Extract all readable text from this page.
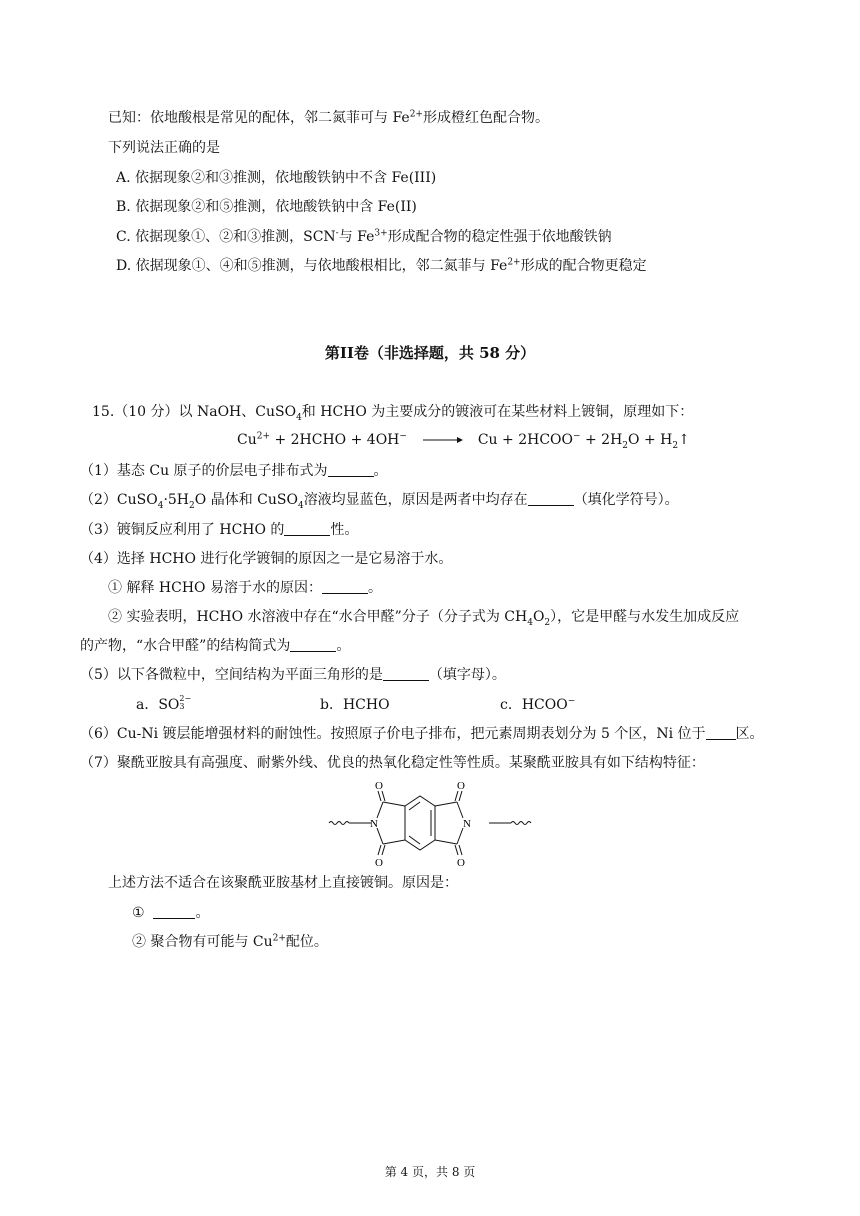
已知：依地酸根是常见的配体，邻二氮菲可与 $Fe^{2+}$形成橙红色配合物。
下列说法正确的是
A. 依据现象②和③推测，依地酸铁钠中不含 Fe(III)
B. 依据现象②和⑤推测，依地酸铁钠中含 Fe(II)
C. 依据现象①、②和③推测，SCN-与 $Fe^{3+}$形成配合物的稳定性强于依地酸铁钠
D. 依据现象①、④和⑤推测，与依地酸根相比，邻二氮菲与 $Fe^{2+}$形成的配合物更稳定
第II卷（非选择题，共 58 分）
15.（10 分）以 NaOH、CuSO$_4$和 HCHO 为主要成分的镀液可在某些材料上镀铜，原理如下：
$Cu^{2+}$ + 2HCHO + 4OH− → Cu + 2HCOO− + $2H_2O$ + $H_2↑$
（1）基态 Cu 原子的价层电子排布式为	。
$(2)CuSO_4\cdot 5H_2O$ 晶体和 CuSO$_4$溶液均显蓝色，原因是两者中均存在	（填化学符号）。
（3）镀铜反应利用了 HCHO 的	性。
（4）选择 HCHO 进行化学镀铜的原因之一是它易溶于水。
① 解释 HCHO 易溶于水的原因：	。
② 实验表明，HCHO 水溶液中存在“水合甲醛”分子（分子式为 $CH_4O_2$），它是甲醛与水发生加成反应
的产物，“水合甲醛”的结构简式为	。
（5）以下各微粒中，空间结构为平面三角形的是	（填字母）。
a．SO 2−
3	b．HCHO	c．HCOO−
（6）Cu-Ni 镀层能增强材料的耐蚀性。按照原子价电子排布，把元素周期表划分为 5 个区，Ni 位于 区。
（7）聚酰亚胺具有高强度、耐紫外线、优良的热氧化稳定性等性质。某聚酰亚胺具有如下结构特征：
N	N
O
O
O
O
上述方法不适合在该聚酰亚胺基材上直接镀铜。原因是：
①	。
② 聚合物有可能与 $Cu^{2+}$配位。
第 4 页，共 8 页
